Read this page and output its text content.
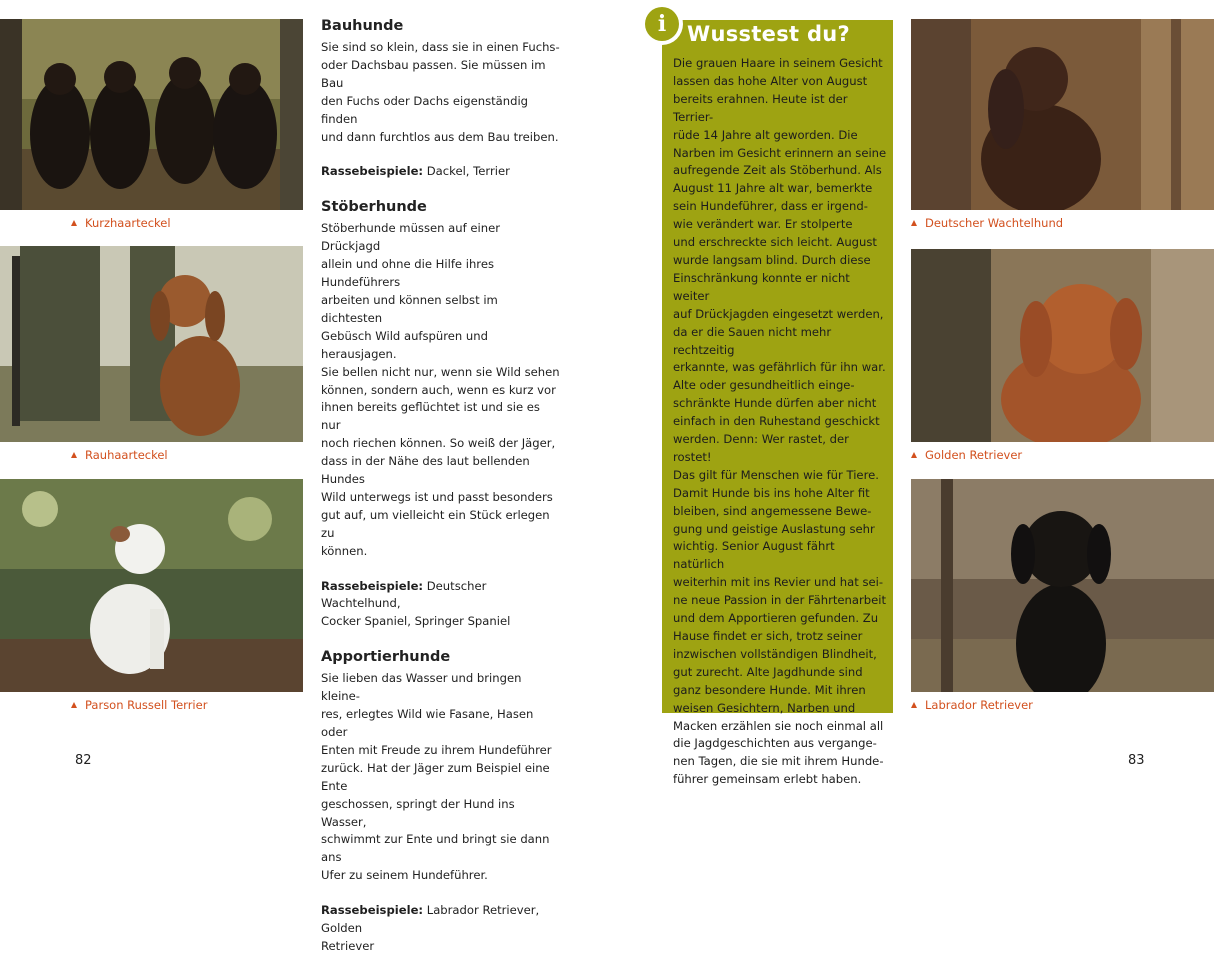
Kurzhaarteckel
Rauhaarteckel
Parson Russell Terrier
Bauhunde

Sie sind so klein, dass sie in einen Fuchs-
oder Dachsbau passen. Sie müssen im Bau
den Fuchs oder Dachs eigenständig finden
und dann furchtlos aus dem Bau treiben.

Rassebeispiele: Dackel, Terrier

Stöberhunde

Stöberhunde müssen auf einer Drückjagd
allein und ohne die Hilfe ihres Hundeführers
arbeiten und können selbst im dichtesten
Gebüsch Wild aufspüren und herausjagen.
Sie bellen nicht nur, wenn sie Wild sehen
können, sondern auch, wenn es kurz vor
ihnen bereits geflüchtet ist und sie es nur
noch riechen können. So weiß der Jäger,
dass in der Nähe des laut bellenden Hundes
Wild unterwegs ist und passt besonders
gut auf, um vielleicht ein Stück erlegen zu
können.

Rassebeispiele: Deutscher Wachtelhund,
Cocker Spaniel, Springer Spaniel

Apportierhunde

Sie lieben das Wasser und bringen kleine-
res, erlegtes Wild wie Fasane, Hasen oder
Enten mit Freude zu ihrem Hundeführer
zurück. Hat der Jäger zum Beispiel eine Ente
geschossen, springt der Hund ins Wasser,
schwimmt zur Ente und bringt sie dann ans
Ufer zu seinem Hundeführer.

Rassebeispiele: Labrador Retriever, Golden
Retriever

82
Wusstest du?
Die grauen Haare in seinem Gesicht
lassen das hohe Alter von August
bereits erahnen. Heute ist der Terrier-
rüde 14 Jahre alt geworden. Die
Narben im Gesicht erinnern an seine
aufregende Zeit als Stöberhund. Als
August 11 Jahre alt war, bemerkte
sein Hundeführer, dass er irgend-
wie verändert war. Er stolperte
und erschreckte sich leicht. August
wurde langsam blind. Durch diese
Einschränkung konnte er nicht weiter
auf Drückjagden eingesetzt werden,
da er die Sauen nicht mehr rechtzeitig
erkannte, was gefährlich für ihn war.
Alte oder gesundheitlich einge-
schränkte Hunde dürfen aber nicht
einfach in den Ruhestand geschickt
werden. Denn: Wer rastet, der rostet!
Das gilt für Menschen wie für Tiere.
Damit Hunde bis ins hohe Alter fit
bleiben, sind angemessene Bewe-
gung und geistige Auslastung sehr
wichtig. Senior August fährt natürlich
weiterhin mit ins Revier und hat sei-
ne neue Passion in der Fährtenarbeit
und dem Apportieren gefunden. Zu
Hause findet er sich, trotz seiner
inzwischen vollständigen Blindheit,
gut zurecht. Alte Jagdhunde sind
ganz besondere Hunde. Mit ihren
weisen Gesichtern, Narben und
Macken erzählen sie noch einmal all
die Jagdgeschichten aus vergange-
nen Tagen, die sie mit ihrem Hunde-
führer gemeinsam erlebt haben.
i
Deutscher Wachtelhund
Golden Retriever
Labrador Retriever
83
